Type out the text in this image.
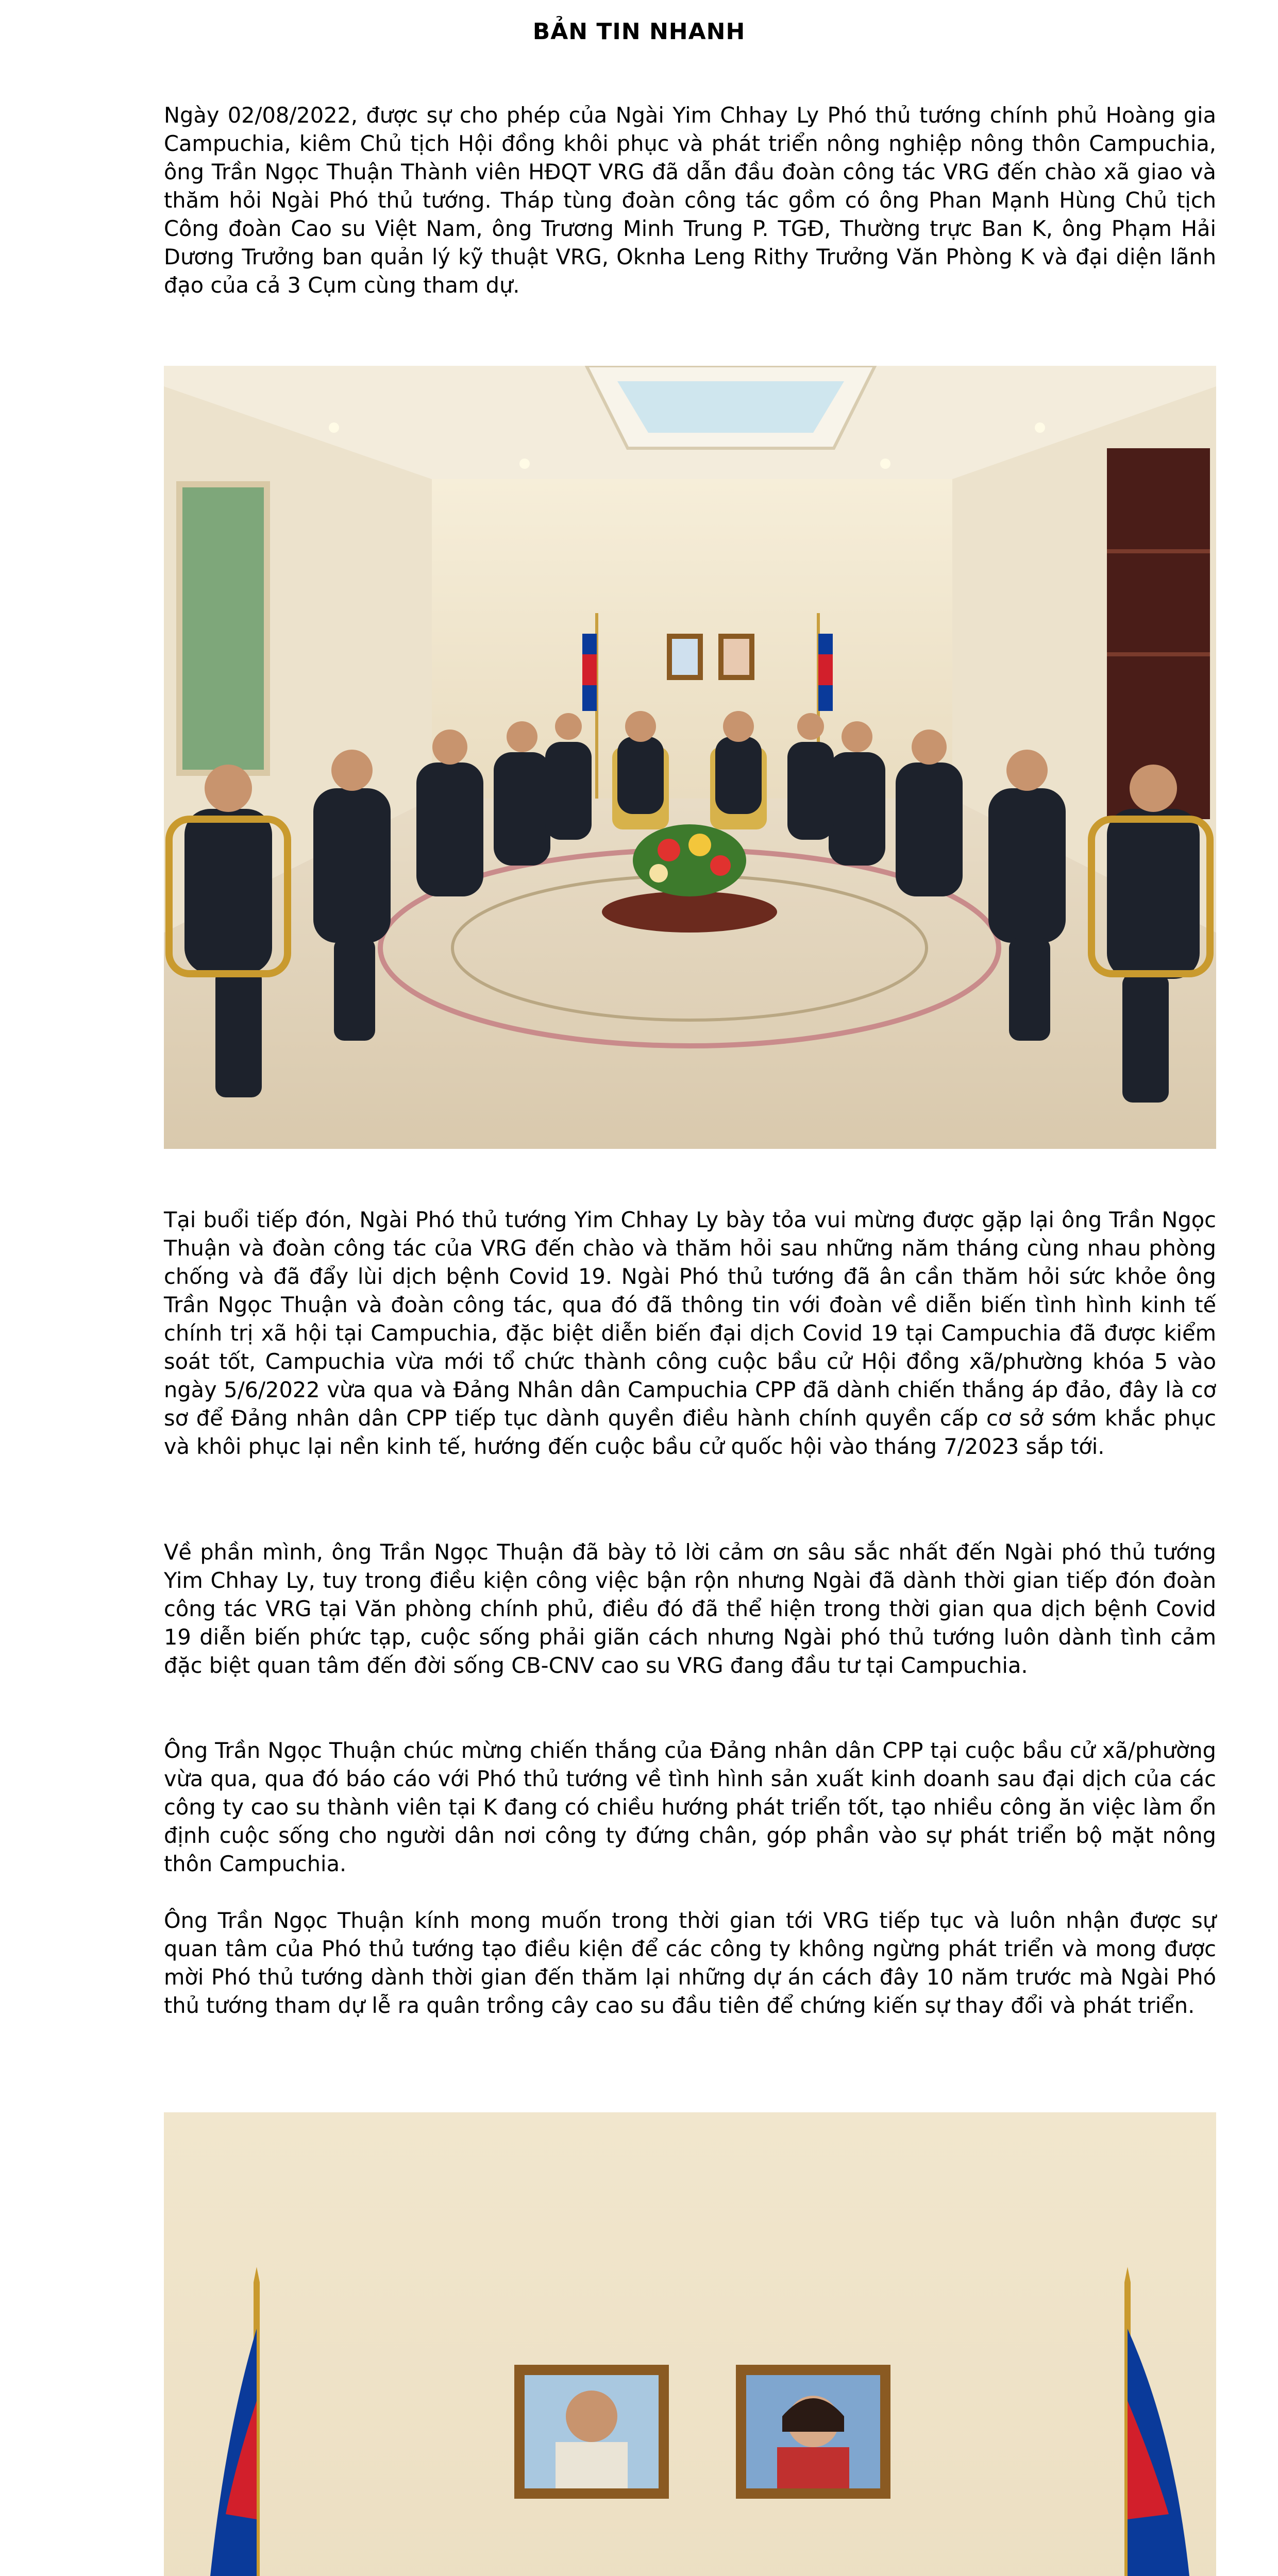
BẢN TIN NHANH

Ngày 02/08/2022, được sự cho phép của Ngài Yim Chhay Ly Phó thủ tướng chính phủ Hoàng gia Campuchia, kiêm Chủ tịch Hội đồng khôi phục và phát triển nông nghiệp nông thôn Campuchia, ông Trần Ngọc Thuận Thành viên HĐQT VRG đã dẫn đầu đoàn công tác VRG đến chào xã giao và thăm hỏi Ngài Phó thủ tướng. Tháp tùng đoàn công tác gồm có ông Phan Mạnh Hùng Chủ tịch Công đoàn Cao su Việt Nam, ông Trương Minh Trung P. TGĐ, Thường trực Ban K, ông Phạm Hải Dương Trưởng ban quản lý kỹ thuật VRG, Oknha Leng Rithy Trưởng Văn Phòng K và đại diện lãnh đạo của cả 3 Cụm cùng tham dự.

Tại buổi tiếp đón, Ngài Phó thủ tướng Yim Chhay Ly bày tỏa vui mừng được gặp lại ông Trần Ngọc Thuận và đoàn công tác của VRG đến chào và thăm hỏi sau những năm tháng cùng nhau phòng chống và đã đẩy lùi dịch bệnh Covid 19. Ngài Phó thủ tướng đã ân cần thăm hỏi sức khỏe ông Trần Ngọc Thuận và đoàn công tác, qua đó đã thông tin với đoàn về diễn biến tình hình kinh tế chính trị xã hội tại Campuchia, đặc biệt diễn biến đại dịch Covid 19 tại Campuchia đã được kiểm soát tốt, Campuchia vừa mới tổ chức thành công cuộc bầu cử Hội đồng xã/phường khóa 5 vào ngày 5/6/2022 vừa qua và Đảng Nhân dân Campuchia CPP đã dành chiến thắng áp đảo, đây là cơ sơ để Đảng nhân dân CPP tiếp tục dành quyền điều hành chính quyền cấp cơ sở sớm khắc phục và khôi phục lại nền kinh tế, hướng đến cuộc bầu cử quốc hội vào tháng 7/2023 sắp tới.

Về phần mình, ông Trần Ngọc Thuận đã bày tỏ lời cảm ơn sâu sắc nhất đến Ngài phó thủ tướng Yim Chhay Ly, tuy trong điều kiện công việc bận rộn nhưng Ngài đã dành thời gian tiếp đón đoàn công tác VRG tại Văn phòng chính phủ, điều đó đã thể hiện trong thời gian qua dịch bệnh Covid 19 diễn biến phức tạp, cuộc sống phải giãn cách nhưng Ngài phó thủ tướng luôn dành tình cảm đặc biệt quan tâm đến đời sống CB-CNV cao su VRG đang đầu tư tại Campuchia.

Ông Trần Ngọc Thuận chúc mừng chiến thắng của Đảng nhân dân CPP tại cuộc bầu cử xã/phường vừa qua, qua đó báo cáo với Phó thủ tướng về tình hình sản xuất kinh doanh sau đại dịch của các công ty cao su thành viên tại K đang có chiều hướng phát triển tốt, tạo nhiều công ăn việc làm ổn định cuộc sống cho người dân nơi công ty đứng chân, góp phần vào sự phát triển bộ mặt nông thôn Campuchia.

Ông Trần Ngọc Thuận kính mong muốn trong thời gian tới VRG tiếp tục và luôn nhận được sự quan tâm của Phó thủ tướng tạo điều kiện để các công ty không ngừng phát triển và mong được mời Phó thủ tướng dành thời gian đến thăm lại những dự án cách đây 10 năm trước mà Ngài Phó thủ tướng tham dự lễ ra quân trồng cây cao su đầu tiên để chứng kiến sự thay đổi và phát triển.
